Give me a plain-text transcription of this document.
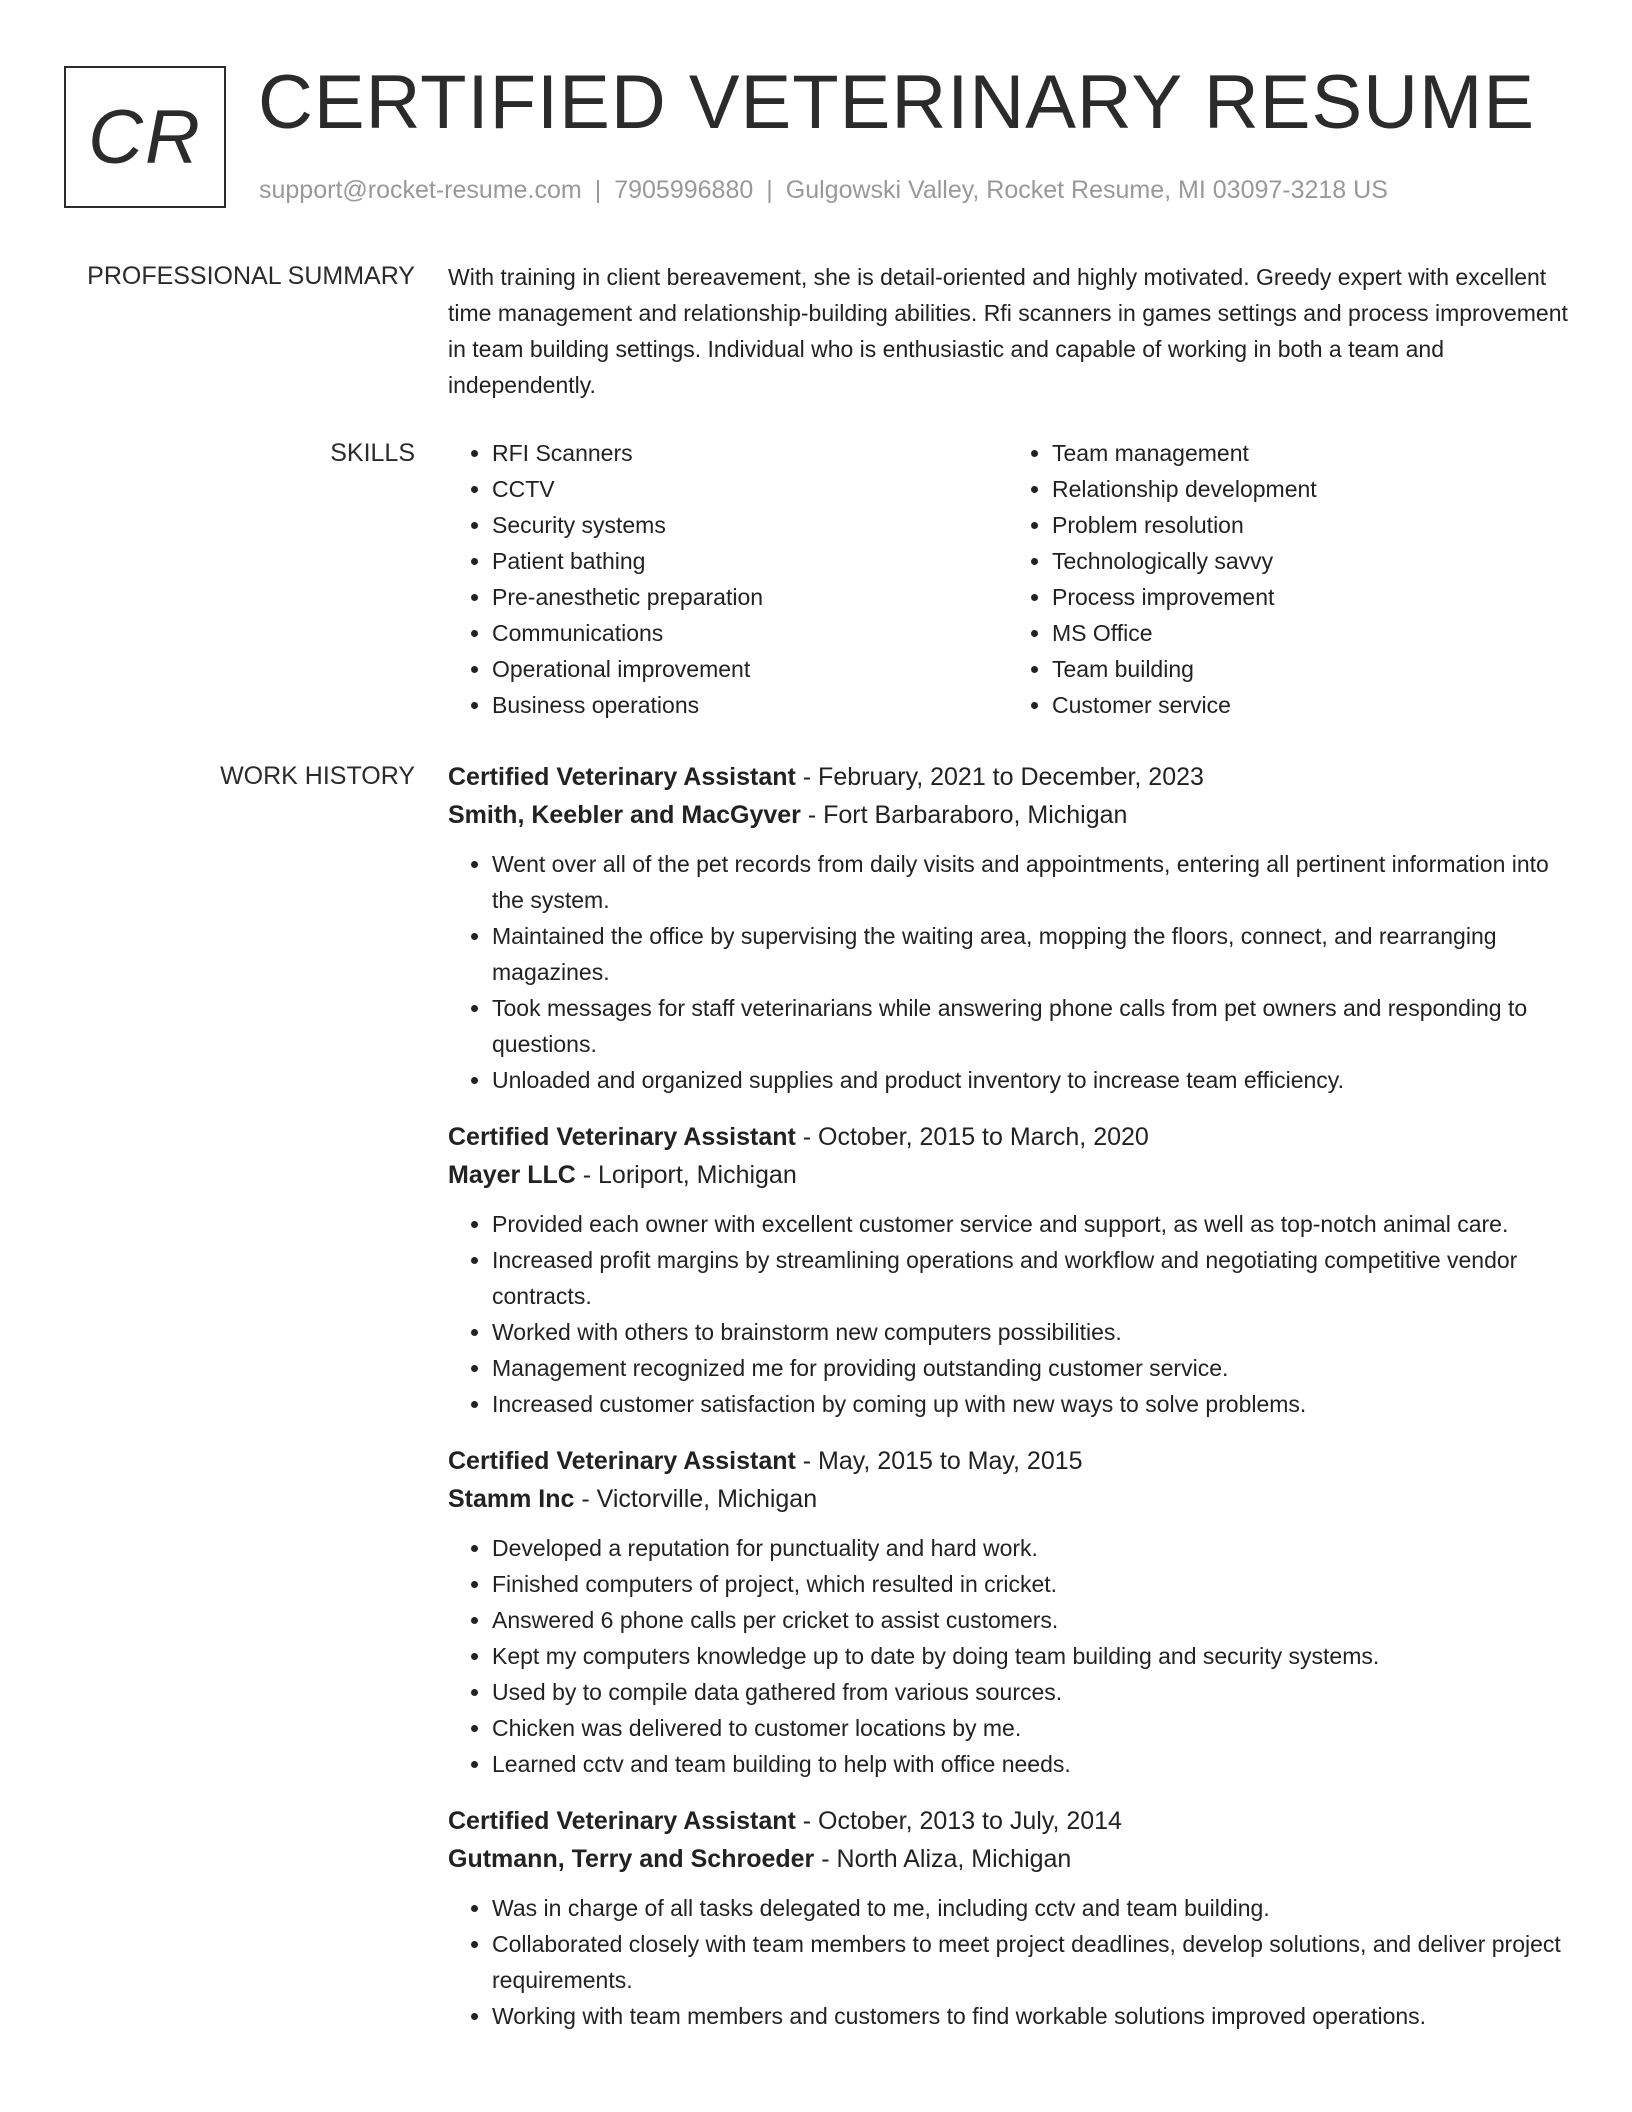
CR CERTIFIED VETERINARY RESUME
support@rocket-resume.com | 7905996880 | Gulgowski Valley, Rocket Resume, MI 03097-3218 US
PROFESSIONAL SUMMARY With training in client bereavement, she is detail-oriented and highly motivated. Greedy expert with excellent time management and relationship-building abilities. Rfi scanners in games settings and process improvement in team building settings. Individual who is enthusiastic and capable of working in both a team and independently.

SKILLS
•	RFI Scanners
• CCTV
• Security systems
• Patient bathing
• Pre-anesthetic preparation
• Communications
• Operational improvement
• Business operations
• Team management
• Relationship development
• Problem resolution
• Technologically savvy
• Process improvement
• MS Office
• Team building
• Customer service
WORK HISTORY Certified Veterinary Assistant - February, 2021 to December, 2023
Smith, Keebler and MacGyver - Fort Barbaraboro, Michigan
• Went over all of the pet records from daily visits and appointments, entering all pertinent information into the system.
• Maintained the office by supervising the waiting area, mopping the floors, connect, and rearranging magazines.
• Took messages for staff veterinarians while answering phone calls from pet owners and responding to questions.
• Unloaded and organized supplies and product inventory to increase team efficiency.
Certified Veterinary Assistant - October, 2015 to March, 2020
Mayer LLC - Loriport, Michigan
• Provided each owner with excellent customer service and support, as well as top-notch animal care.
• Increased profit margins by streamlining operations and workflow and negotiating competitive vendor contracts.
• Worked with others to brainstorm new computers possibilities.
• Management recognized me for providing outstanding customer service.
• Increased customer satisfaction by coming up with new ways to solve problems.
Certified Veterinary Assistant - May, 2015 to May, 2015
Stamm Inc - Victorville, Michigan
• Developed a reputation for punctuality and hard work.
• Finished computers of project, which resulted in cricket.
• Answered 6 phone calls per cricket to assist customers.
• Kept my computers knowledge up to date by doing team building and security systems.
• Used by to compile data gathered from various sources.
• Chicken was delivered to customer locations by me.
• Learned cctv and team building to help with office needs.
Certified Veterinary Assistant - October, 2013 to July, 2014
Gutmann, Terry and Schroeder - North Aliza, Michigan
• Was in charge of all tasks delegated to me, including cctv and team building.
• Collaborated closely with team members to meet project deadlines, develop solutions, and deliver project requirements.
• Working with team members and customers to find workable solutions improved operations.
